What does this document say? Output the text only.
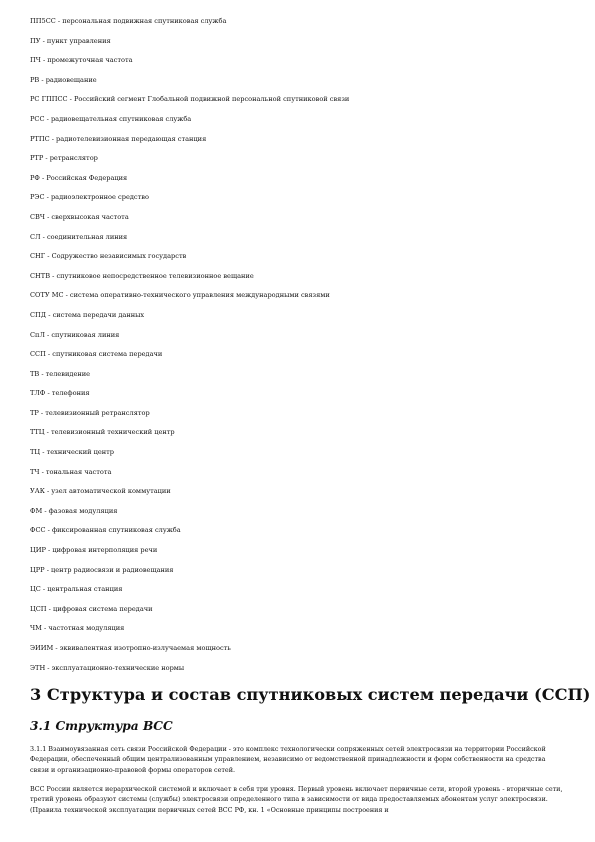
ПП5СС - персональная подвижная спутниковая служба
ПУ - пункт управления
ПЧ - промежуточная частота
РВ - радиовещание
РС ГППСС - Российский сегмент Глобальной подвижной персональной спутниковой связи
РСС - радиовещательная спутниковая служба
РТПС - радиотелевизионная передающая станция
РТР - ретранслятор
РФ - Российская Федерация
РЭС - радиоэлектронное средство
СВЧ - сверхвысокая частота
СЛ - соединительная линия
СНГ - Содружество независимых государств
СНТВ - спутниковое непосредственное телевизионное вещание
СОТУ МС - система оперативно-технического управления международными связями
СПД - система передачи данных
СпЛ - спутниковая линия
ССП - спутниковая система передачи
ТВ - телевидение
ТЛФ - телефония
ТР - телевизионный ретранслятор
ТТЦ - телевизионный технический центр
ТЦ - технический центр
ТЧ - тональная частота
УАК - узел автоматической коммутации
ФМ - фазовая модуляция
ФСС - фиксированная спутниковая служба
ЦИР - цифровая интерполяция речи
ЦРР - центр радиосвязи и радиовещания
ЦС - центральная станция
ЦСП - цифровая система передачи
ЧМ - частотная модуляция
ЭИИМ - эквивалентная изотропно-излучаемая мощность
ЭТН - эксплуатационно-технические нормы
3 Структура и состав спутниковых систем передачи (ССП)
3.1 Структура ВСС

3.1.1 Взаимоувязанная сеть связи Российской Федерации - это комплекс технологически сопряженных сетей электросвязи на территории Российской Федерации, обеспеченный общим централизованным управлением, независимо от ведомственной принадлежности и форм собственности на средства связи и организационно-правовой формы операторов сетей.

ВСС России является иерархической системой и включает в себя три уровня. Первый уровень включает первичные сети, второй уровень - вторичные сети, третий уровень образуют системы (службы) электросвязи определенного типа в зависимости от вида предоставляемых абонентам услуг электросвязи. (Правила технической эксплуатации первичных сетей ВСС РФ, кн. 1 «Основные принципы построения и
